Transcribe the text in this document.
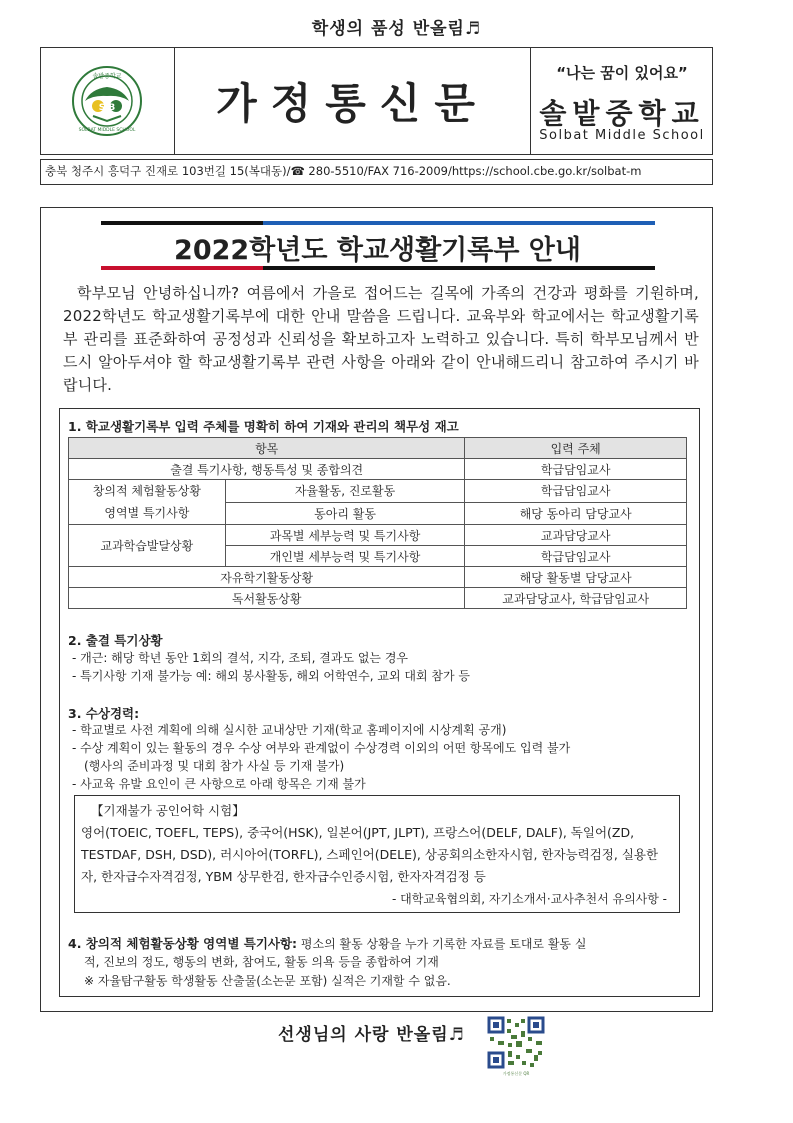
학생의 품성 반올림♬
S B
솔밭중학교
SOLBAT MIDDLE SCHOOL
가정통신문
“나는 꿈이 있어요”
솔밭중학교
Solbat Middle School
충북 청주시 흥덕구 진재로 103번길 15(복대동)/☎ 280-5510/FAX 716-2009/https://school.cbe.go.kr/solbat-m
2022학년도 학교생활기록부 안내
학부모님 안녕하십니까? 여름에서 가을로 접어드는 길목에 가족의 건강과 평화를 기원하며, 2022학년도 학교생활기록부에 대한 안내 말씀을 드립니다. 교육부와 학교에서는 학교생활기록부 관리를 표준화하여 공정성과 신뢰성을 확보하고자 노력하고 있습니다. 특히 학부모님께서 반드시 알아두셔야 할 학교생활기록부 관련 사항을 아래와 같이 안내해드리니 참고하여 주시기 바랍니다.
1. 학교생활기록부 입력 주체를 명확히 하여 기재와 관리의 책무성 재고
항목		입력 주체
출결 특기사항, 행동특성 및 종합의견		학급담임교사

창의적 체험활동상황
영역별 특기사항	자율활동, 진로활동	학급담임교사
	동아리 활동	해당 동아리 담당교사
교과학습발달상황	과목별 세부능력 및 특기사항	교과담당교사
	개인별 세부능력 및 특기사항	학급담임교사
자유학기활동상황		해당 활동별 담당교사
독서활동상황		교과담당교사, 학급담임교사
2. 출결 특기상황
- 개근: 해당 학년 동안 1회의 결석, 지각, 조퇴, 결과도 없는 경우
- 특기사항 기재 불가능 예: 해외 봉사활동, 해외 어학연수, 교외 대회 참가 등
3. 수상경력:
- 학교별로 사전 계획에 의해 실시한 교내상만 기재(학교 홈페이지에 시상계획 공개)
- 수상 계획이 있는 활동의 경우 수상 여부와 관계없이 수상경력 이외의 어떤 항목에도 입력 불가
(행사의 준비과정 및 대회 참가 사실 등 기재 불가)
- 사교육 유발 요인이 큰 사항으로 아래 항목은 기재 불가
【기재불가 공인어학 시험】
영어(TOEIC, TOEFL, TEPS), 중국어(HSK), 일본어(JPT, JLPT), 프랑스어(DELF, DALF), 독일어(ZD, TESTDAF, DSH, DSD), 러시아어(TORFL), 스페인어(DELE), 상공회의소한자시험, 한자능력검정, 실용한자, 한자급수자격검정, YBM 상무한검, 한자급수인증시험, 한자자격검정 등
- 대학교육협의회, 자기소개서·교사추천서 유의사항 -
4. 창의적 체험활동상황 영역별 특기사항: 평소의 활동 상황을 누가 기록한 자료를 토대로 활동 실
적, 진보의 정도, 행동의 변화, 참여도, 활동 의욕 등을 종합하여 기재
※ 자율탐구활동 학생활동 산출물(소논문 포함) 실적은 기재할 수 없음.
선생님의 사랑 반올림♬
가정통신문 QR
